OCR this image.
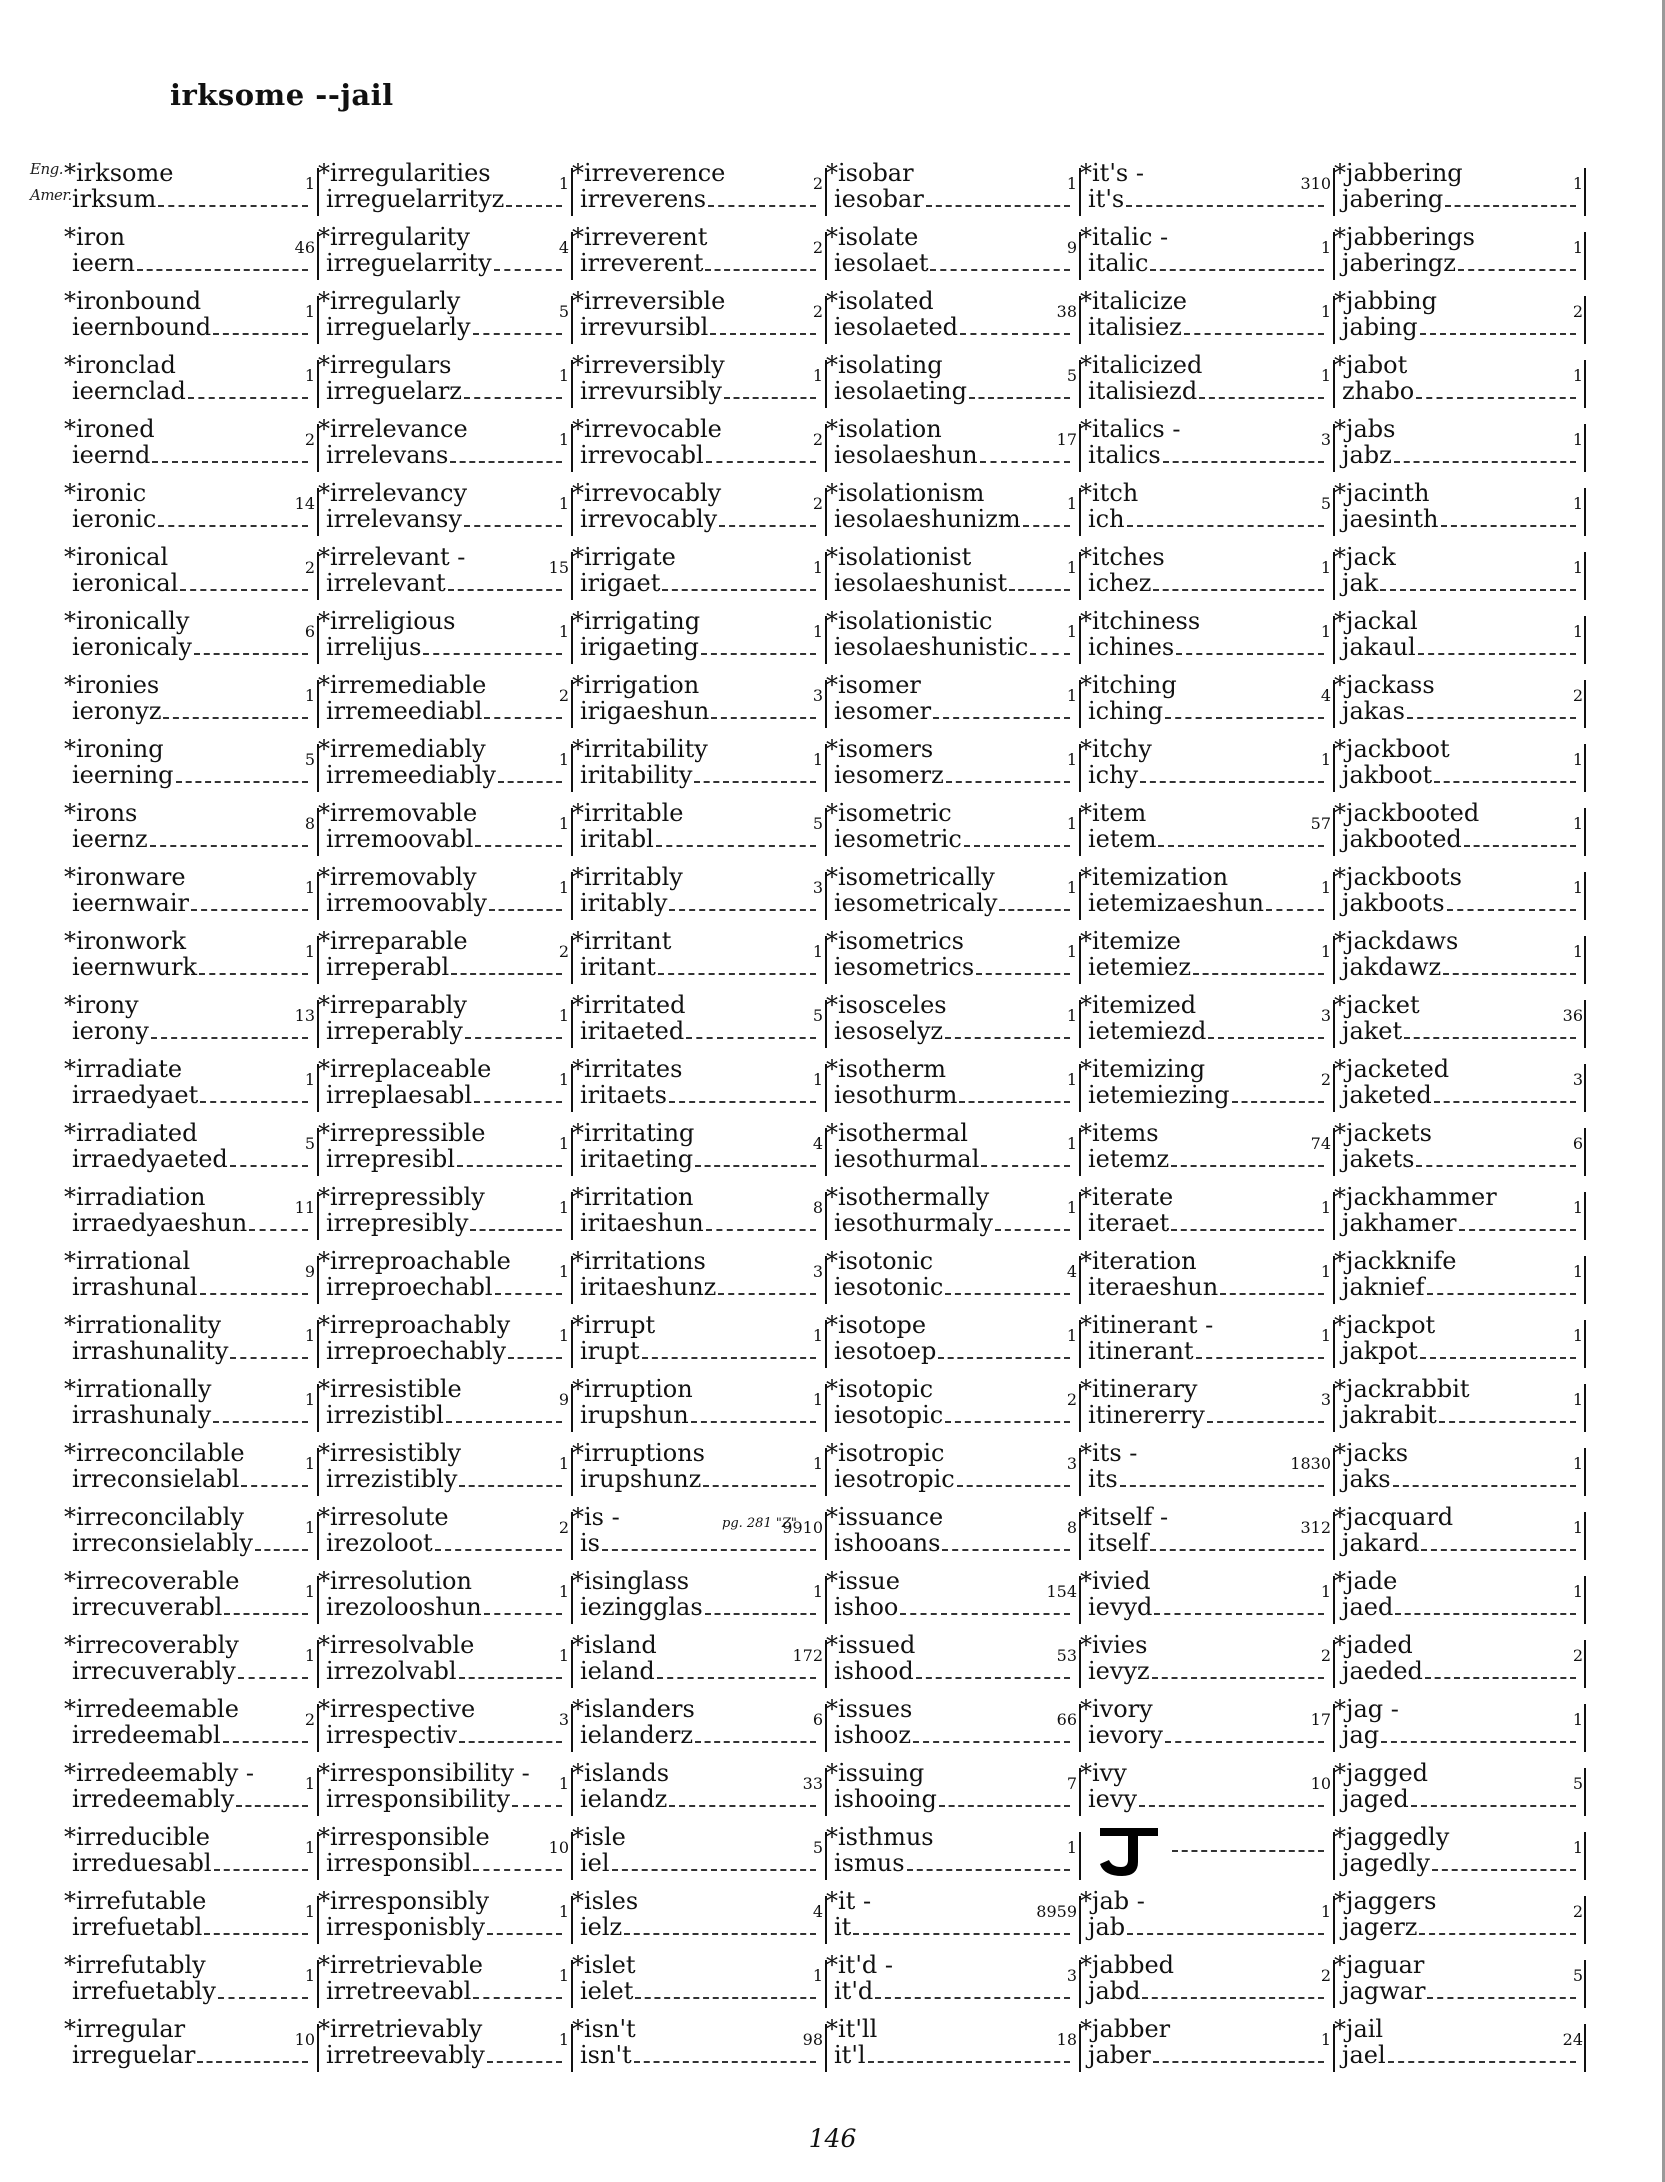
irksome --jail
Eng.
Amer.
*irksome
irksum
1
*iron
ieern
46
*ironbound
ieernbound
1
*ironclad
ieernclad
1
*ironed
ieernd
2
*ironic
ieronic
14
*ironical
ieronical
2
*ironically
ieronicaly
6
*ironies
ieronyz
1
*ironing
ieerning
5
*irons
ieernz
8
*ironware
ieernwair
1
*ironwork
ieernwurk
1
*irony
ierony
13
*irradiate
irraedyaet
1
*irradiated
irraedyaeted
5
*irradiation
irraedyaeshun
11
*irrational
irrashunal
9
*irrationality
irrashunality
1
*irrationally
irrashunaly
1
*irreconcilable
irreconsielabl
1
*irreconcilably
irreconsielably
1
*irrecoverable
irrecuverabl
1
*irrecoverably
irrecuverably
1
*irredeemable
irredeemabl
2
*irredeemably -
irredeemably
1
*irreducible
irreduesabl
1
*irrefutable
irrefuetabl
1
*irrefutably
irrefuetably
1
*irregular
irreguelar
10
*irregularities
irreguelarrityz
1
*irregularity
irreguelarrity
4
*irregularly
irreguelarly
5
*irregulars
irreguelarz
1
*irrelevance
irrelevans
1
*irrelevancy
irrelevansy
1
*irrelevant -
irrelevant
15
*irreligious
irrelijus
1
*irremediable
irremeediabl
2
*irremediably
irremeediably
1
*irremovable
irremoovabl
1
*irremovably
irremoovably
1
*irreparable
irreperabl
2
*irreparably
irreperably
1
*irreplaceable
irreplaesabl
1
*irrepressible
irrepresibl
1
*irrepressibly
irrepresibly
1
*irreproachable
irreproechabl
1
*irreproachably
irreproechably
1
*irresistible
irrezistibl
9
*irresistibly
irrezistibly
1
*irresolute
irezoloot
2
*irresolution
irezolooshun
1
*irresolvable
irrezolvabl
1
*irrespective
irrespectiv
3
*irresponsibility -
irresponsibility
1
*irresponsible
irresponsibl
10
*irresponsibly
irresponisbly
1
*irretrievable
irretreevabl
1
*irretrievably
irretreevably
1
*irreverence
irreverens
2
*irreverent
irreverent
2
*irreversible
irrevursibl
2
*irreversibly
irrevursibly
1
*irrevocable
irrevocabl
2
*irrevocably
irrevocably
2
*irrigate
irigaet
1
*irrigating
irigaeting
1
*irrigation
irigaeshun
3
*irritability
iritability
1
*irritable
iritabl
5
*irritably
iritably
3
*irritant
iritant
1
*irritated
iritaeted
5
*irritates
iritaets
1
*irritating
iritaeting
4
*irritation
iritaeshun
8
*irritations
iritaeshunz
3
*irrupt
irupt
1
*irruption
irupshun
1
*irruptions
irupshunz
1
*is -
is
9910
pg. 281 "Z"
*isinglass
iezingglas
1
*island
ieland
172
*islanders
ielanderz
6
*islands
ielandz
33
*isle
iel
5
*isles
ielz
4
*islet
ielet
1
*isn't
isn't
98
*isobar
iesobar
1
*isolate
iesolaet
9
*isolated
iesolaeted
38
*isolating
iesolaeting
5
*isolation
iesolaeshun
17
*isolationism
iesolaeshunizm
1
*isolationist
iesolaeshunist
1
*isolationistic
iesolaeshunistic
1
*isomer
iesomer
1
*isomers
iesomerz
1
*isometric
iesometric
1
*isometrically
iesometricaly
1
*isometrics
iesometrics
1
*isosceles
iesoselyz
1
*isotherm
iesothurm
1
*isothermal
iesothurmal
1
*isothermally
iesothurmaly
1
*isotonic
iesotonic
4
*isotope
iesotoep
1
*isotopic
iesotopic
2
*isotropic
iesotropic
3
*issuance
ishooans
8
*issue
ishoo
154
*issued
ishood
53
*issues
ishooz
66
*issuing
ishooing
7
*isthmus
ismus
1
*it -
it
8959
*it'd -
it'd
3
*it'll
it'l
18
*it's -
it's
310
*italic -
italic
1
*italicize
italisiez
1
*italicized
italisiezd
1
*italics -
italics
3
*itch
ich
5
*itches
ichez
1
*itchiness
ichines
1
*itching
iching
4
*itchy
ichy
1
*item
ietem
57
*itemization
ietemizaeshun
1
*itemize
ietemiez
1
*itemized
ietemiezd
3
*itemizing
ietemiezing
2
*items
ietemz
74
*iterate
iteraet
1
*iteration
iteraeshun
1
*itinerant -
itinerant
1
*itinerary
itinererry
3
*its -
its
1830
*itself -
itself
312
*ivied
ievyd
1
*ivies
ievyz
2
*ivory
ievory
17
*ivy
ievy
10
*jab -
jab
1
*jabbed
jabd
2
*jabber
jaber
1
*jabbering
jabering
1
*jabberings
jaberingz
1
*jabbing
jabing
2
*jabot
zhabo
1
*jabs
jabz
1
*jacinth
jaesinth
1
*jack
jak
1
*jackal
jakaul
1
*jackass
jakas
2
*jackboot
jakboot
1
*jackbooted
jakbooted
1
*jackboots
jakboots
1
*jackdaws
jakdawz
1
*jacket
jaket
36
*jacketed
jaketed
3
*jackets
jakets
6
*jackhammer
jakhamer
1
*jackknife
jaknief
1
*jackpot
jakpot
1
*jackrabbit
jakrabit
1
*jacks
jaks
1
*jacquard
jakard
1
*jade
jaed
1
*jaded
jaeded
2
*jag -
jag
1
*jagged
jaged
5
*jaggedly
jagedly
1
*jaggers
jagerz
2
*jaguar
jagwar
5
*jail
jael
24
146
